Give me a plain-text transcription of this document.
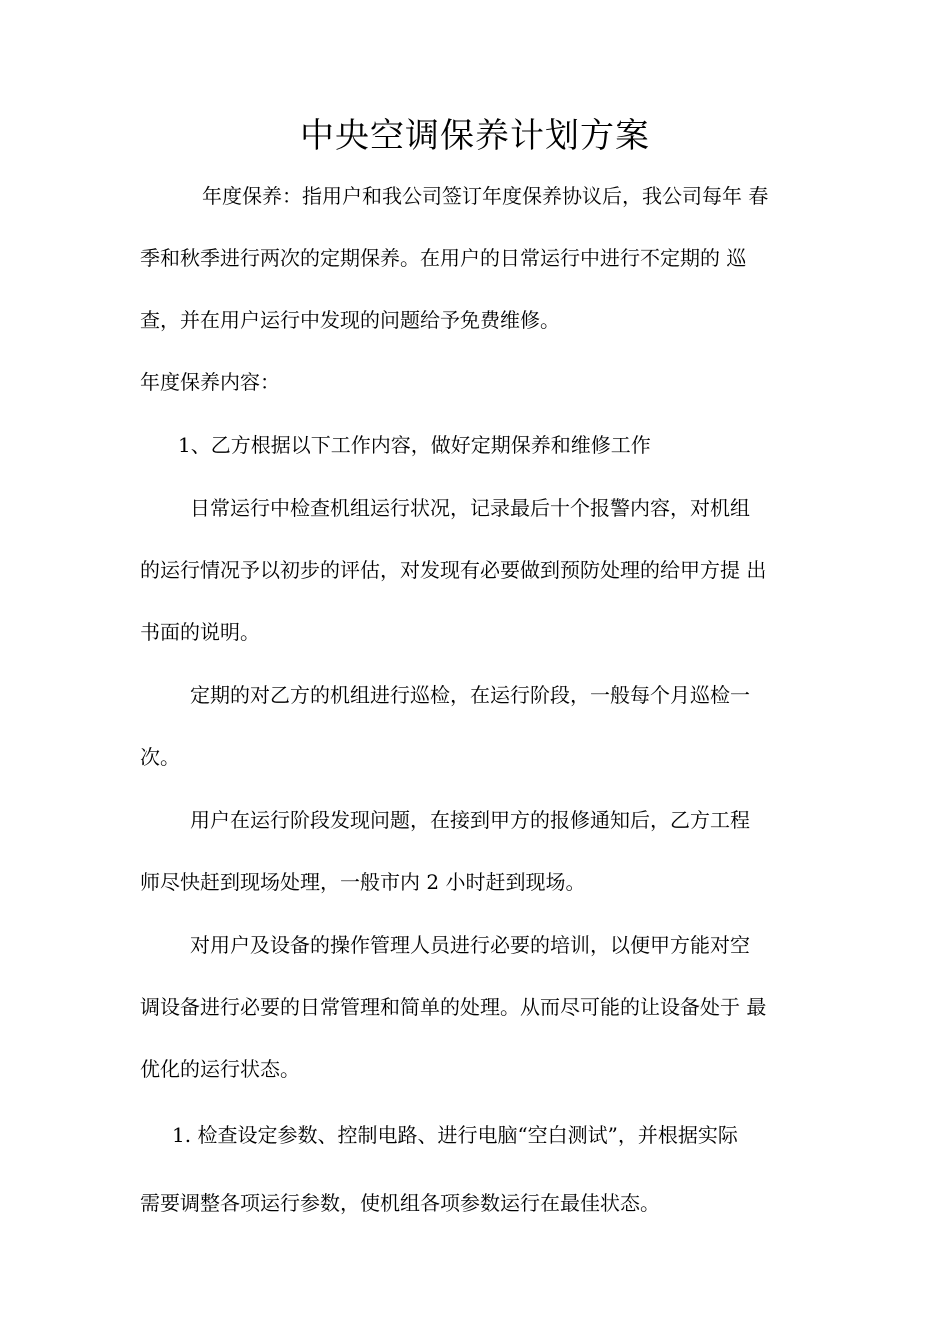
中央空调保养计划方案
年度保养：指用户和我公司签订年度保养协议后，我公司每年 春
季和秋季进行两次的定期保养。在用户的日常运行中进行不定期的 巡
查，并在用户运行中发现的问题给予免费维修。
年度保养内容：
1、乙方根据以下工作内容，做好定期保养和维修工作
日常运行中检查机组运行状况，记录最后十个报警内容，对机组
的运行情况予以初步的评估，对发现有必要做到预防处理的给甲方提 出
书面的说明。
定期的对乙方的机组进行巡检，在运行阶段，一般每个月巡检一
次。
用户在运行阶段发现问题，在接到甲方的报修通知后，乙方工程
师尽快赶到现场处理，一般市内 2 小时赶到现场。
对用户及设备的操作管理人员进行必要的培训，以便甲方能对空
调设备进行必要的日常管理和简单的处理。从而尽可能的让设备处于 最
优化的运行状态。
1. 检查设定参数、控制电路、进行电脑“空白测试”，并根据实际
需要调整各项运行参数，使机组各项参数运行在最佳状态。
